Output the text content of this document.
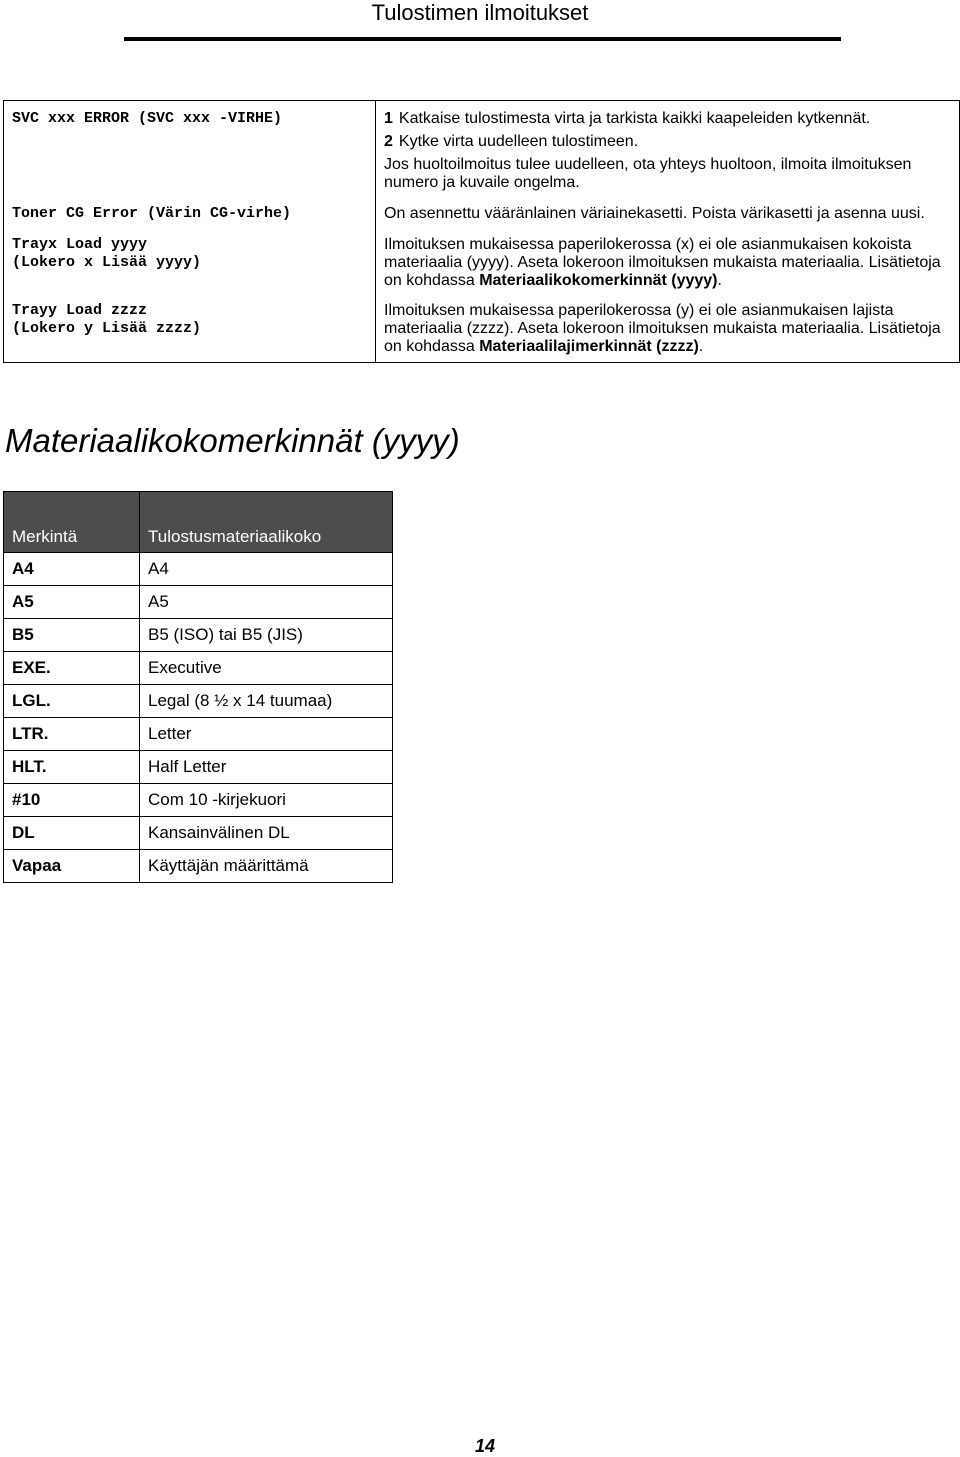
Tulostimen ilmoitukset
SVC xxx ERROR (SVC xxx -VIRHE)	1 Katkaise tulostimesta virta ja tarkista kaikki kaapeleiden kytkennät.

2 Kytke virta uudelleen tulostimeen.

Jos huoltoilmoitus tulee uudelleen, ota yhteys huoltoon, ilmoita ilmoituksen numero ja kuvaile ongelma.

Toner CG Error (Värin CG-virhe)	On asennettu vääränlainen väriainekasetti. Poista värikasetti ja asenna uusi.

Trayx Load yyyy
(Lokero x Lisää yyyy)	Ilmoituksen mukaisessa paperilokerossa (x) ei ole asianmukaisen kokoista materiaalia (yyyy). Aseta lokeroon ilmoituksen mukaista materiaalia. Lisätietoja on kohdassa Materiaalikokomerkinnät (yyyy).

Trayy Load zzzz
(Lokero y Lisää zzzz)	Ilmoituksen mukaisessa paperilokerossa (y) ei ole asianmukaisen lajista materiaalia (zzzz). Aseta lokeroon ilmoituksen mukaista materiaalia. Lisätietoja on kohdassa Materiaalilajimerkinnät (zzzz).

Materiaalikokomerkinnät (yyyy)
Merkintä	Tulostusmateriaalikoko
A4	A4
A5	A5
B5	B5 (ISO) tai B5 (JIS)
EXE.	Executive
LGL.	Legal (8 ½ x 14 tuumaa)
LTR.	Letter
HLT.	Half Letter
#10	Com 10 -kirjekuori
DL	Kansainvälinen DL
Vapaa	Käyttäjän määrittämä
14
